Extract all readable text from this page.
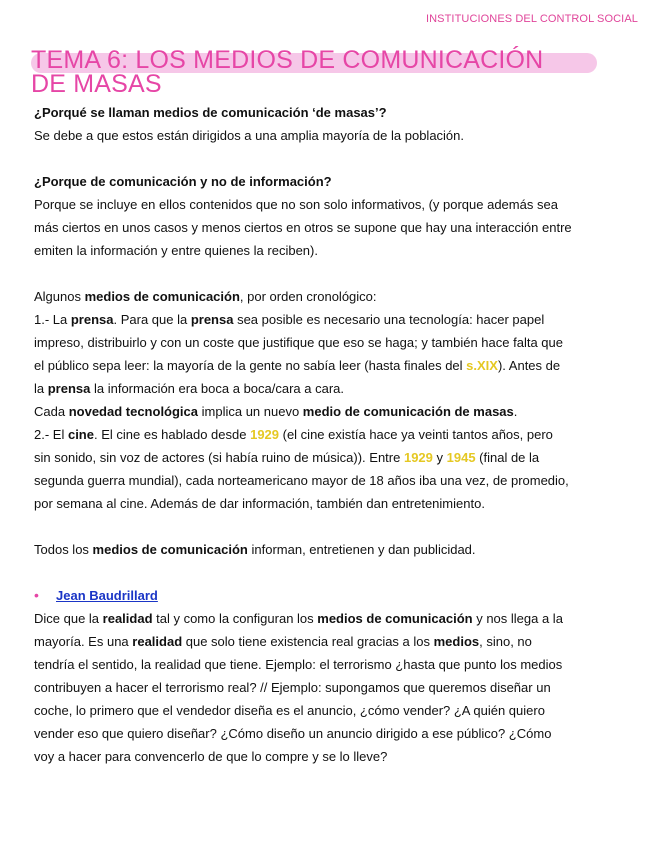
INSTITUCIONES DEL CONTROL SOCIAL
TEMA 6: LOS MEDIOS DE COMUNICACIÓN
DE MASAS

¿Porqué se llaman medios de comunicación ‘de masas’?

Se debe a que estos están dirigidos a una amplia mayoría de la población.

¿Porque de comunicación y no de información?

Porque se incluye en ellos contenidos que no son solo informativos, (y porque además sea

más ciertos en unos casos y menos ciertos en otros se supone que hay una interacción entre

emiten la información y entre quienes la reciben).

Algunos medios de comunicación, por orden cronológico:

1.- La prensa. Para que la prensa sea posible es necesario una tecnología: hacer papel

impreso, distribuirlo y con un coste que justifique que eso se haga; y también hace falta que

el público sepa leer: la mayoría de la gente no sabía leer (hasta finales del s.XIX). Antes de

la prensa la información era boca a boca/cara a cara.

Cada novedad tecnológica implica un nuevo medio de comunicación de masas.

2.- El cine. El cine es hablado desde 1929 (el cine existía hace ya veinti tantos años, pero

sin sonido, sin voz de actores (si había ruino de música)). Entre 1929 y 1945 (final de la

segunda guerra mundial), cada norteamericano mayor de 18 años iba una vez, de promedio,

por semana al cine. Además de dar información, también dan entretenimiento.

Todos los medios de comunicación informan, entretienen y dan publicidad.

• Jean Baudrillard

Dice que la realidad tal y como la configuran los medios de comunicación y nos llega a la

mayoría. Es una realidad que solo tiene existencia real gracias a los medios, sino, no

tendría el sentido, la realidad que tiene. Ejemplo: el terrorismo ¿hasta que punto los medios

contribuyen a hacer el terrorismo real? // Ejemplo: supongamos que queremos diseñar un

coche, lo primero que el vendedor diseña es el anuncio, ¿cómo vender? ¿A quién quiero

vender eso que quiero diseñar? ¿Cómo diseño un anuncio dirigido a ese público? ¿Cómo

voy a hacer para convencerlo de que lo compre y se lo lleve?
